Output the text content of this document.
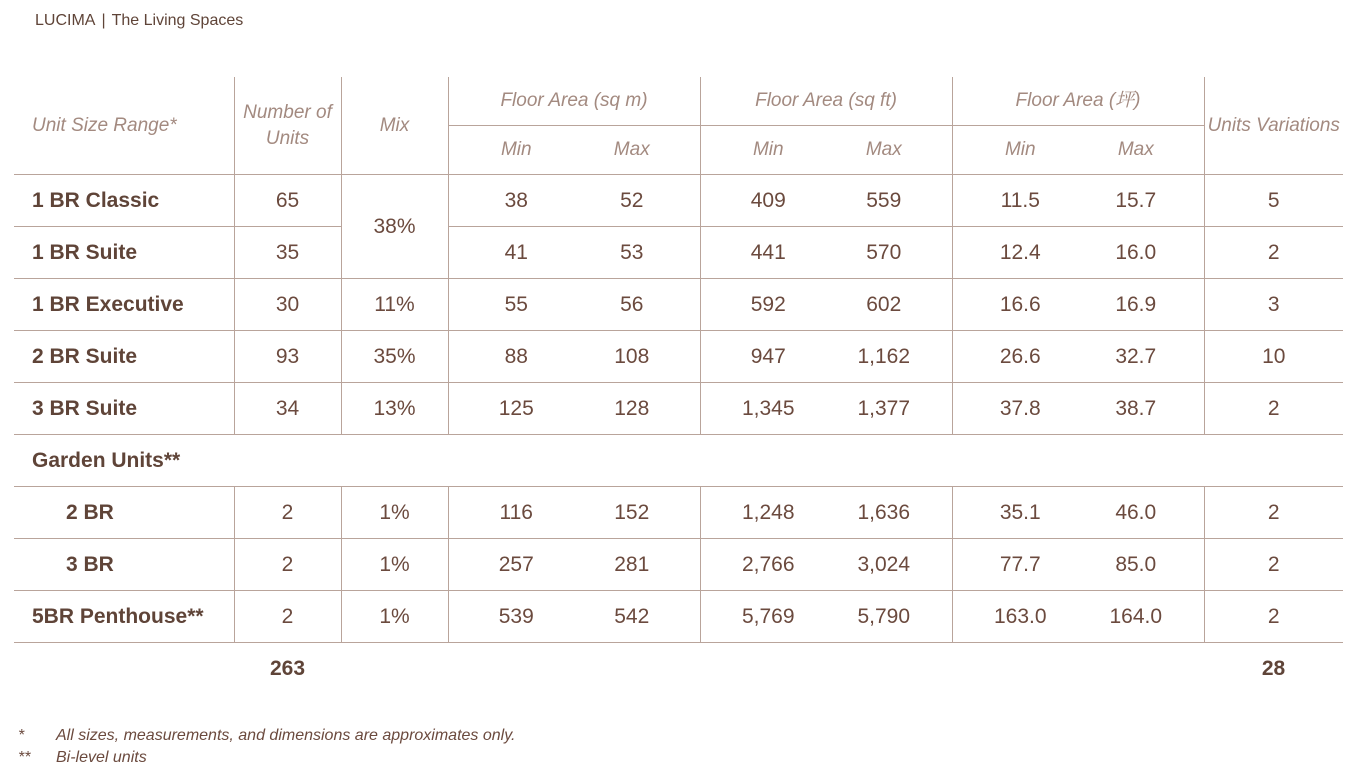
LUCIMA | The Living Spaces
Unit Size Range*	Number of Units	Mix	Floor Area (sq m)		Floor Area (sq ft)		Floor Area (坪)		Units Variations
			Min	Max	Min	Max	Min	Max	
1 BR Classic	65	38%	38	52	409	559	11.5	15.7	5
1 BR Suite	35		41	53	441	570	12.4	16.0	2
1 BR Executive	30	11%	55	56	592	602	16.6	16.9	3
2 BR Suite	93	35%	88	108	947	1,162	26.6	32.7	10
3 BR Suite	34	13%	125	128	1,345	1,377	37.8	38.7	2
Garden Units**									
2 BR	2	1%	116	152	1,248	1,636	35.1	46.0	2
3 BR	2	1%	257	281	2,766	3,024	77.7	85.0	2
5BR Penthouse**	2	1%	539	542	5,769	5,790	163.0	164.0	2
	263								28
*	All sizes, measurements, and dimensions are approximates only.
**	Bi-level units
